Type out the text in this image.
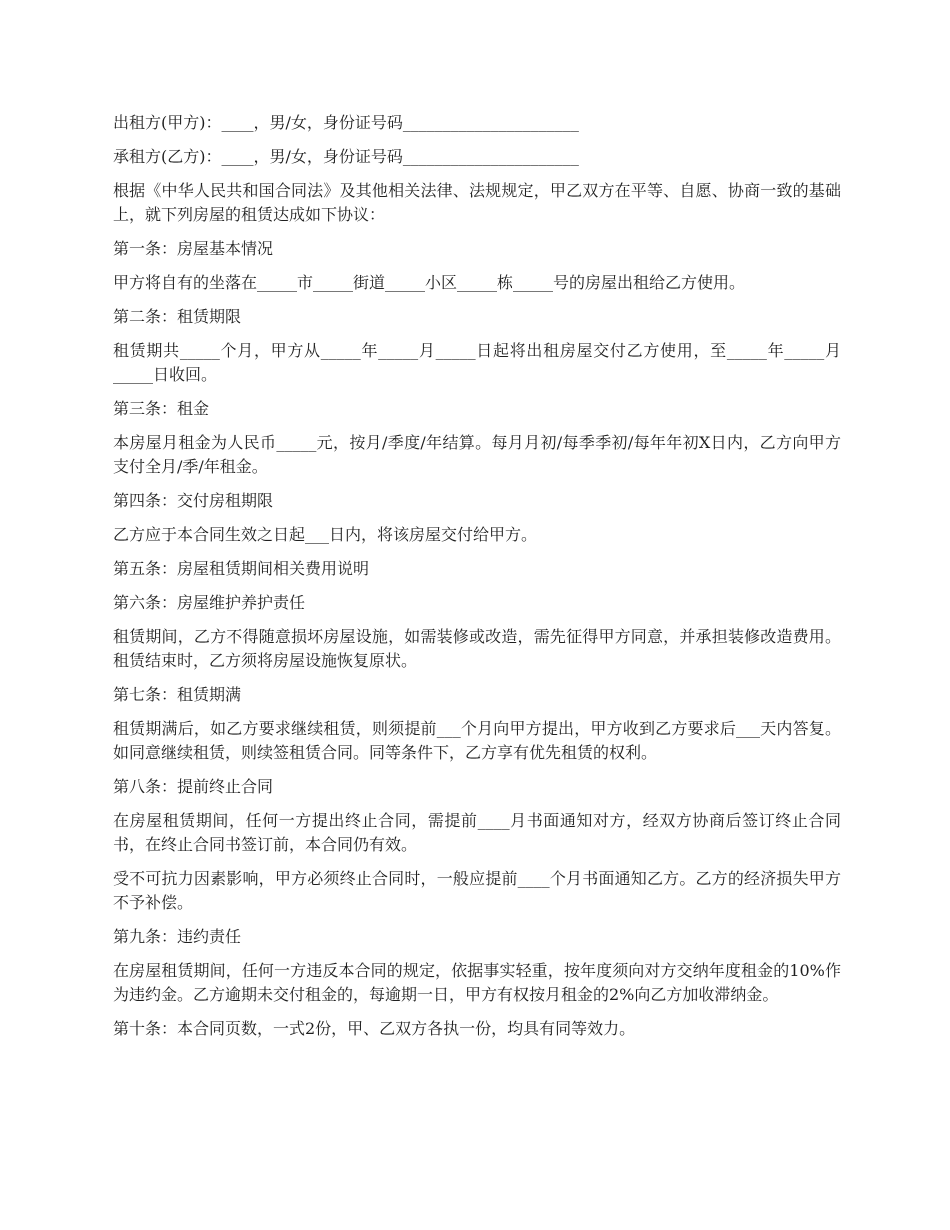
出租方(甲方)：____，男/女，身份证号码______________________

承租方(乙方)：____，男/女，身份证号码______________________

根据《中华人民共和国合同法》及其他相关法律、法规规定，甲乙双方在平等、自愿、协商一致的基础上，就下列房屋的租赁达成如下协议：

第一条：房屋基本情况

甲方将自有的坐落在_____市_____街道_____小区_____栋_____号的房屋出租给乙方使用。

第二条：租赁期限

租赁期共_____个月，甲方从_____年_____月_____日起将出租房屋交付乙方使用，至_____年_____月_____日收回。

第三条：租金

本房屋月租金为人民币_____元，按月/季度/年结算。每月月初/每季季初/每年年初X日内，乙方向甲方支付全月/季/年租金。

第四条：交付房租期限

乙方应于本合同生效之日起___日内，将该房屋交付给甲方。

第五条：房屋租赁期间相关费用说明

第六条：房屋维护养护责任

租赁期间，乙方不得随意损坏房屋设施，如需装修或改造，需先征得甲方同意，并承担装修改造费用。租赁结束时，乙方须将房屋设施恢复原状。

第七条：租赁期满

租赁期满后，如乙方要求继续租赁，则须提前___个月向甲方提出，甲方收到乙方要求后___天内答复。如同意继续租赁，则续签租赁合同。同等条件下，乙方享有优先租赁的权利。

第八条：提前终止合同

在房屋租赁期间，任何一方提出终止合同，需提前____月书面通知对方，经双方协商后签订终止合同书，在终止合同书签订前，本合同仍有效。

受不可抗力因素影响，甲方必须终止合同时，一般应提前____个月书面通知乙方。乙方的经济损失甲方不予补偿。

第九条：违约责任

在房屋租赁期间，任何一方违反本合同的规定，依据事实轻重，按年度须向对方交纳年度租金的10%作为违约金。乙方逾期未交付租金的，每逾期一日，甲方有权按月租金的2%向乙方加收滞纳金。

第十条：本合同页数，一式2份，甲、乙双方各执一份，均具有同等效力。
